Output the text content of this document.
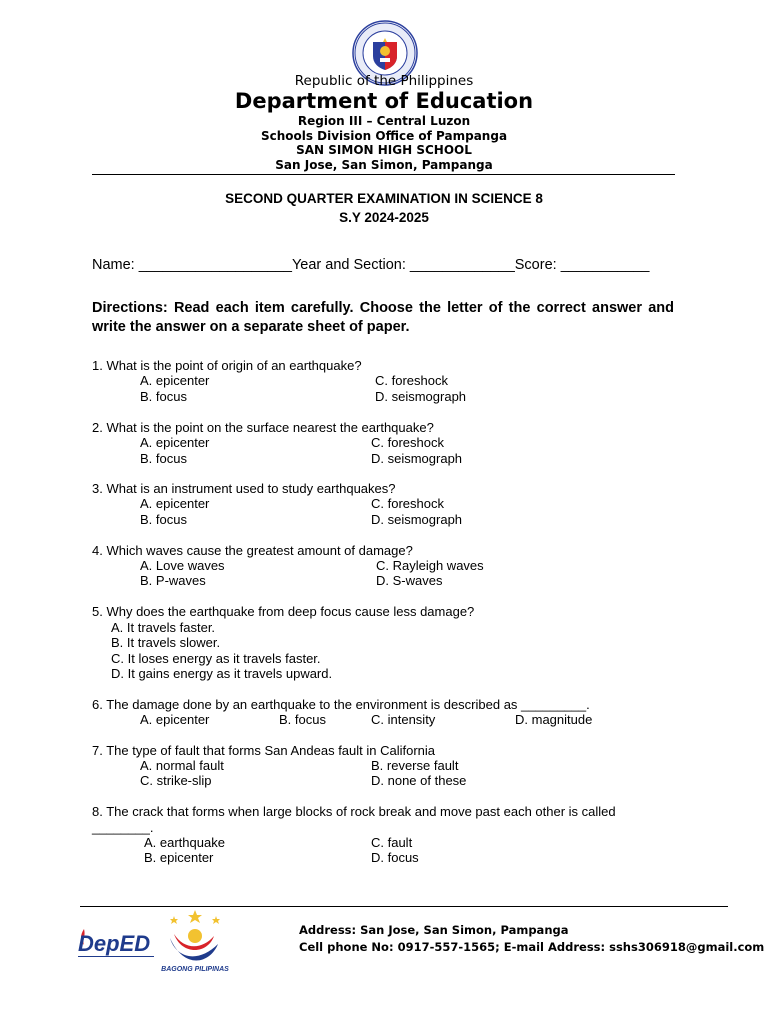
Republic of the Philippines
Department of Education
Region III – Central Luzon
Schools Division Office of Pampanga
SAN SIMON HIGH SCHOOL
San Jose, San Simon, Pampanga
SECOND QUARTER EXAMINATION IN SCIENCE 8
S.Y 2024-2025
Name: ___________________Year and Section: _____________Score: ___________
Directions: Read each item carefully. Choose the letter of the correct answer and write the answer on a separate sheet of paper.
1. What is the point of origin of an earthquake?
A. epicenter	C. foreshock
B. focus	D. seismograph
2. What is the point on the surface nearest the earthquake?
A. epicenter	C. foreshock
B. focus	D. seismograph
3. What is an instrument used to study earthquakes?
A. epicenter	C. foreshock
B. focus	D. seismograph
4. Which waves cause the greatest amount of damage?
A. Love waves	C. Rayleigh waves
B. P-waves	D. S-waves
5. Why does the earthquake from deep focus cause less damage?
A. It travels faster.
B. It travels slower.
C. It loses energy as it travels faster.
D. It gains energy as it travels upward.
6. The damage done by an earthquake to the environment is described as _________.
A. epicenter	B. focus	C. intensity	D. magnitude
7. The type of fault that forms San Andeas fault in California
A. normal fault	B. reverse fault
C. strike-slip	D. none of these
8. The crack that forms when large blocks of rock break and move past each other is called ________.
A. earthquake	C. fault
B. epicenter	D. focus
DepED
BAGONG PILIPINAS
Address: San Jose, San Simon, Pampanga
Cell phone No: 0917-557-1565; E-mail Address: sshs306918@gmail.com
